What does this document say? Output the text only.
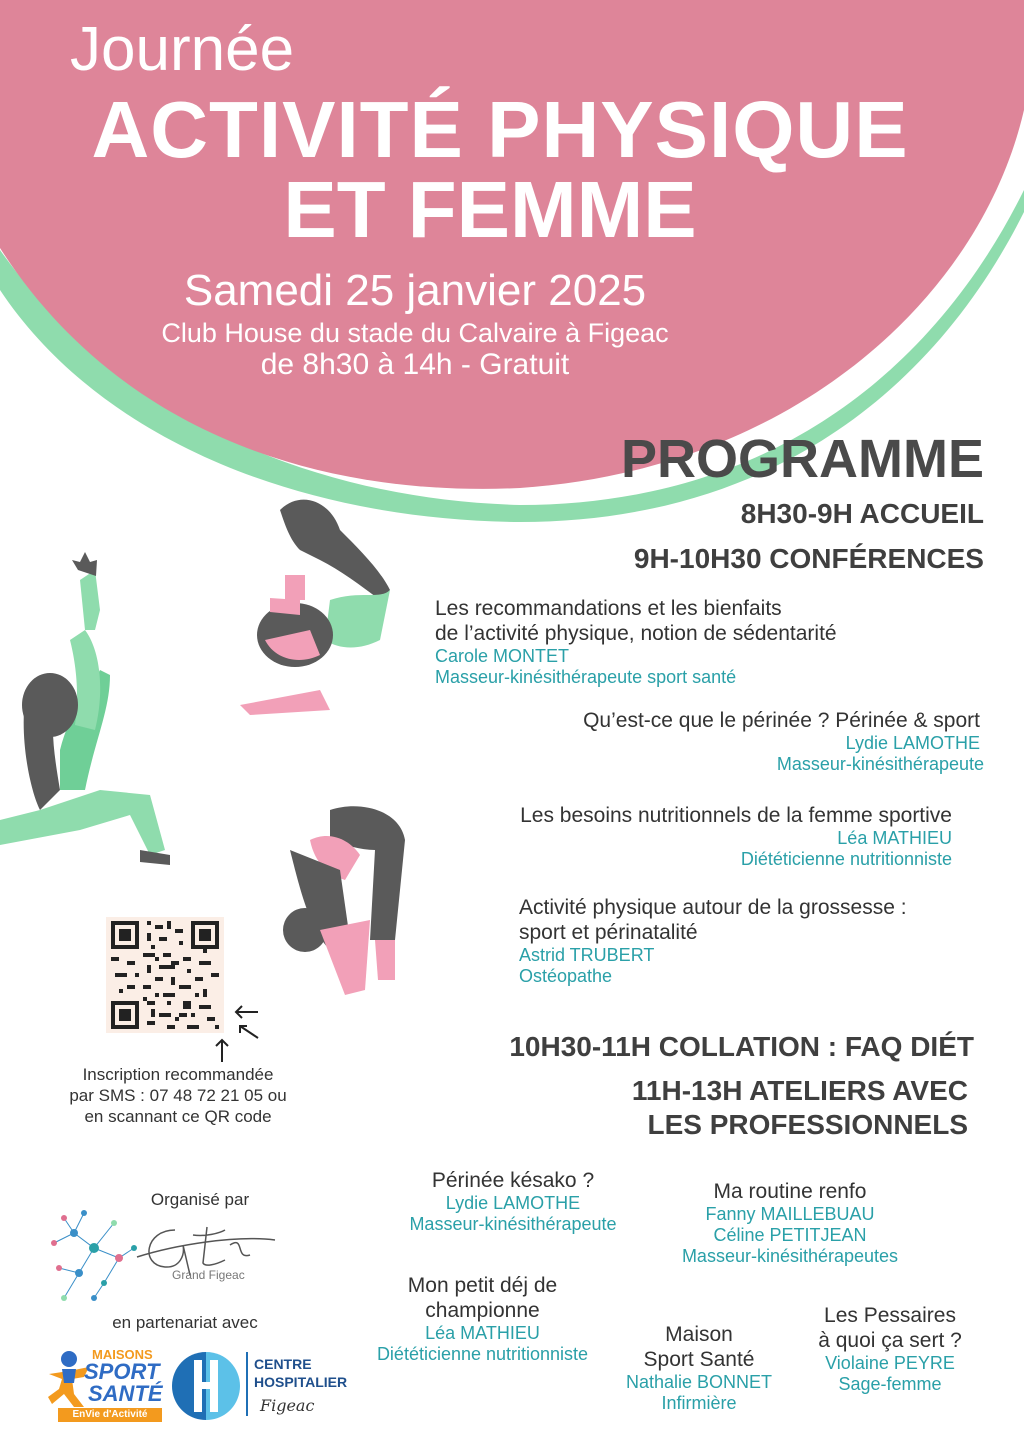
Journée
ACTIVITÉ PHYSIQUE
ET FEMME
Samedi 25 janvier 2025
Club House du stade du Calvaire à Figeac
de 8h30 à 14h - Gratuit
Inscription recommandée
par SMS : 07 48 72 21 05 ou
en scannant ce QR code
PROGRAMME
8H30-9H ACCUEIL
9H-10H30 CONFÉRENCES
Les recommandations et les bienfaits
de l’activité physique, notion de sédentarité
Carole MONTET
Masseur-kinésithérapeute sport santé
Qu’est-ce que le périnée ? Périnée & sport
Lydie LAMOTHE
Masseur-kinésithérapeute
Les besoins nutritionnels de la femme sportive
Léa MATHIEU
Diététicienne nutritionniste
Activité physique autour de la grossesse :
sport et périnatalité
Astrid TRUBERT
Ostéopathe
10H30-11H COLLATION : FAQ DIÉT
11H-13H ATELIERS AVEC
LES PROFESSIONNELS
Périnée késako ?
Lydie LAMOTHE
Masseur-kinésithérapeute
Ma routine renfo
Fanny MAILLEBUAU
Céline PETITJEAN
Masseur-kinésithérapeutes
Mon petit déj de
championne
Léa MATHIEU
Diététicienne nutritionniste
Maison
Sport Santé
Nathalie BONNET
Infirmière
Les Pessaires
à quoi ça sert ?
Violaine PEYRE
Sage-femme
Organisé par
Grand Figeac
en partenariat avec
MAISONS
SPORT
SANTÉ
EnVie d'Activité
CENTRE
HOSPITALIER
Figeac
